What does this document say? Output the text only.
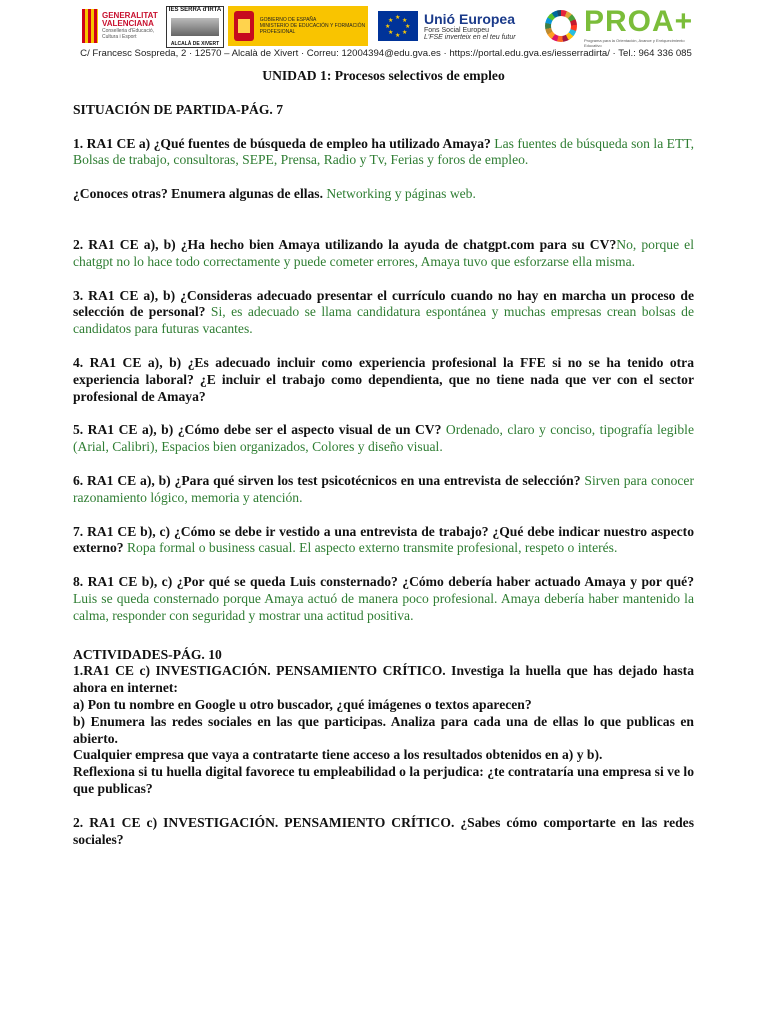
GENERALITAT
VALENCIANA
Conselleria d'Educació,
Cultura i Esport
IES SERRA d'IRTA
ALCALÀ DE XIVERT
GOBIERNO DE ESPAÑA
MINISTERIO DE EDUCACIÓN Y FORMACIÓN PROFESIONAL
★ ★
★
★
★
★
★
★ Unió Europea
Fons Social Europeu
L'FSE inverteix en el teu futur PROA+
Programa para la Orientación, Avance y Enriquecimiento Educativo
C/ Francesc Sospreda, 2 · 12570 – Alcalà de Xivert · Correu: 12004394@edu.gva.es · https://portal.edu.gva.es/iesserradirta/ · Tel.: 964 336 085

UNIDAD 1: Procesos selectivos de empleo

SITUACIÓN DE PARTIDA-PÁG. 7

1. RA1 CE a) ¿Qué fuentes de búsqueda de empleo ha utilizado Amaya? Las fuentes de búsqueda son la ETT, Bolsas de trabajo, consultoras, SEPE, Prensa, Radio y Tv, Ferias y foros de empleo.

¿Conoces otras? Enumera algunas de ellas. Networking y páginas web.

2. RA1 CE a), b) ¿Ha hecho bien Amaya utilizando la ayuda de chatgpt.com para su CV?No, porque el chatgpt no lo hace todo correctamente y puede cometer errores, Amaya tuvo que esforzarse ella misma.

3. RA1 CE a), b) ¿Consideras adecuado presentar el currículo cuando no hay en marcha un proceso de selección de personal? Si, es adecuado se llama candidatura espontánea y muchas empresas crean bolsas de candidatos para futuras vacantes.

4. RA1 CE a), b) ¿Es adecuado incluir como experiencia profesional la FFE si no se ha tenido otra experiencia laboral? ¿E incluir el trabajo como dependienta, que no tiene nada que ver con el sector profesional de Amaya?

5. RA1 CE a), b) ¿Cómo debe ser el aspecto visual de un CV? Ordenado, claro y conciso, tipografía legible (Arial, Calibri), Espacios bien organizados, Colores y diseño visual.

6. RA1 CE a), b) ¿Para qué sirven los test psicotécnicos en una entrevista de selección? Sirven para conocer razonamiento lógico, memoria y atención.

7. RA1 CE b), c) ¿Cómo se debe ir vestido a una entrevista de trabajo? ¿Qué debe indicar nuestro aspecto externo? Ropa formal o business casual. El aspecto externo transmite profesional, respeto o interés.

8. RA1 CE b), c) ¿Por qué se queda Luis consternado? ¿Cómo debería haber actuado Amaya y por qué? Luis se queda consternado porque Amaya actuó de manera poco profesional. Amaya debería haber mantenido la calma, responder con seguridad y mostrar una actitud positiva.

ACTIVIDADES-PÁG. 10

1.RA1 CE c) INVESTIGACIÓN. PENSAMIENTO CRÍTICO. Investiga la huella que has dejado hasta ahora en internet:

a) Pon tu nombre en Google u otro buscador, ¿qué imágenes o textos aparecen?

b) Enumera las redes sociales en las que participas. Analiza para cada una de ellas lo que publicas en abierto.

Cualquier empresa que vaya a contratarte tiene acceso a los resultados obtenidos en a) y b).

Reflexiona si tu huella digital favorece tu empleabilidad o la perjudica: ¿te contrataría una empresa si ve lo que publicas?

2. RA1 CE c) INVESTIGACIÓN. PENSAMIENTO CRÍTICO. ¿Sabes cómo comportarte en las redes sociales?
